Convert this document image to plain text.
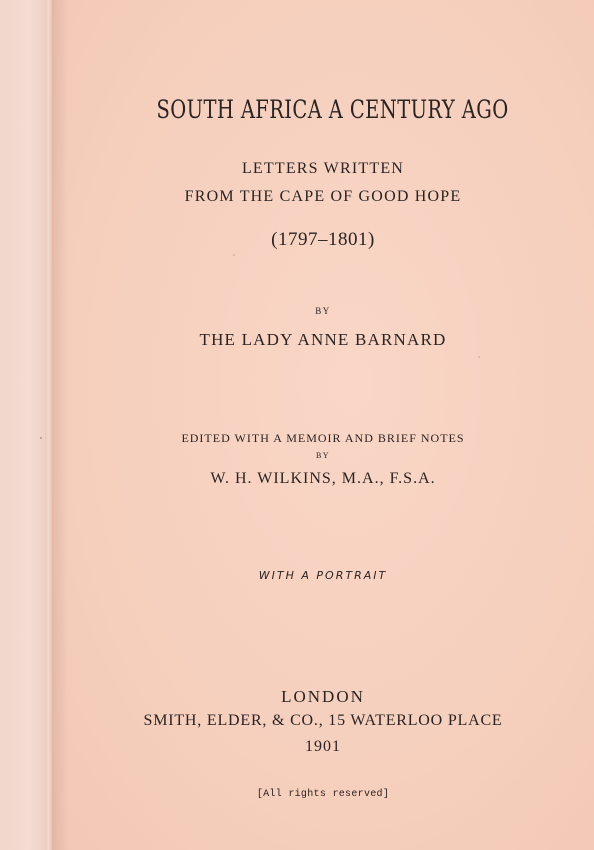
SOUTH AFRICA A CENTURY AGO

LETTERS WRITTEN

FROM THE CAPE OF GOOD HOPE

(1797–1801)

BY

THE LADY ANNE BARNARD

EDITED WITH A MEMOIR AND BRIEF NOTES

BY

W. H. WILKINS, M.A., F.S.A.

WITH A PORTRAIT

LONDON

SMITH, ELDER, & CO., 15 WATERLOO PLACE

1901

[All rights reserved]
